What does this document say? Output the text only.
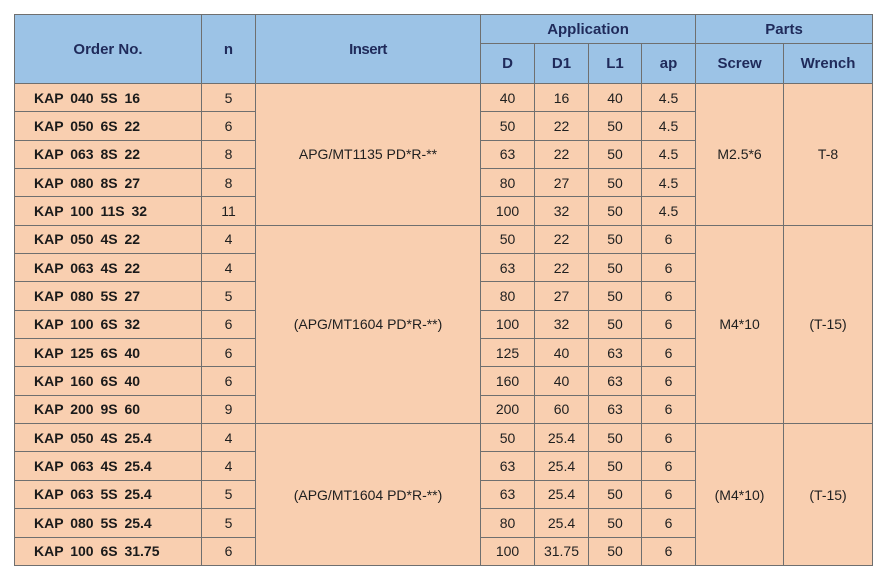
Order No.	n	Insert	Application				Parts	
			D	D1	L1	ap	Screw	Wrench
KAP 040 5S 16	5	APG/MT1135 PD*R-**	40	16	40	4.5	M2.5*6	T-8
KAP 050 6S 22	6		50	22	50	4.5		
KAP 063 8S 22	8		63	22	50	4.5		
KAP 080 8S 27	8		80	27	50	4.5		
KAP 100 11S 32	11		100	32	50	4.5		
KAP 050 4S 22	4	(APG/MT1604 PD*R-**)	50	22	50	6	M4*10	(T-15)
KAP 063 4S 22	4		63	22	50	6		
KAP 080 5S 27	5		80	27	50	6		
KAP 100 6S 32	6		100	32	50	6		
KAP 125 6S 40	6		125	40	63	6		
KAP 160 6S 40	6		160	40	63	6		
KAP 200 9S 60	9		200	60	63	6		
KAP 050 4S 25.4	4	(APG/MT1604 PD*R-**)	50	25.4	50	6	(M4*10)	(T-15)
KAP 063 4S 25.4	4		63	25.4	50	6		
KAP 063 5S 25.4	5		63	25.4	50	6		
KAP 080 5S 25.4	5		80	25.4	50	6		
KAP 100 6S 31.75	6		100	31.75	50	6		
